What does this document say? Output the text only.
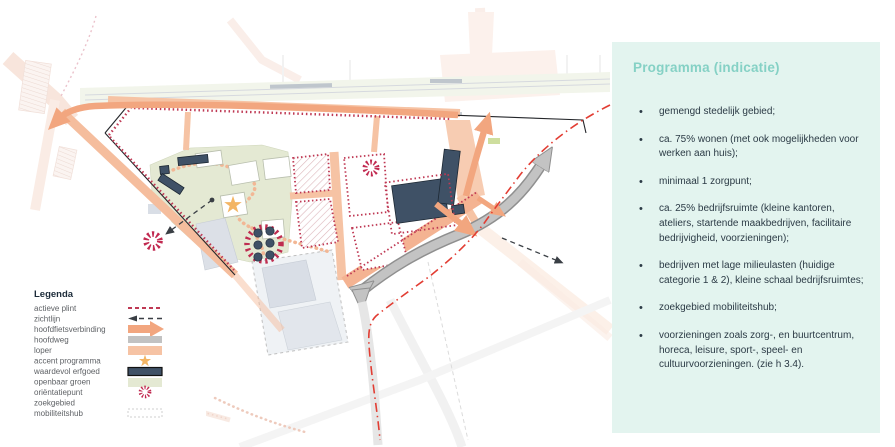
Legenda
actieve plint
zichtlijn
hoofdfietsverbinding
hoofdweg
loper
accent programma
waardevol erfgoed
openbaar groen
oriëntatiepunt
zoekgebied
mobiliteitshub
Programma (indicatie)
• gemengd stedelijk gebied;
• ca. 75% wonen (met ook mogelijkheden voor werken aan huis);
• minimaal 1 zorgpunt;
• ca. 25% bedrijfsruimte (kleine kantoren, ateliers, startende maakbedrijven, facilitaire bedrijvigheid, voorzieningen);
• bedrijven met lage milieulasten (huidige categorie 1 & 2), kleine schaal bedrijfsruimtes;
• zoekgebied mobiliteitshub;
• voorzieningen zoals zorg-, en buurtcentrum, horeca, leisure, sport-, speel- en cultuurvoorzieningen. (zie h 3.4).
